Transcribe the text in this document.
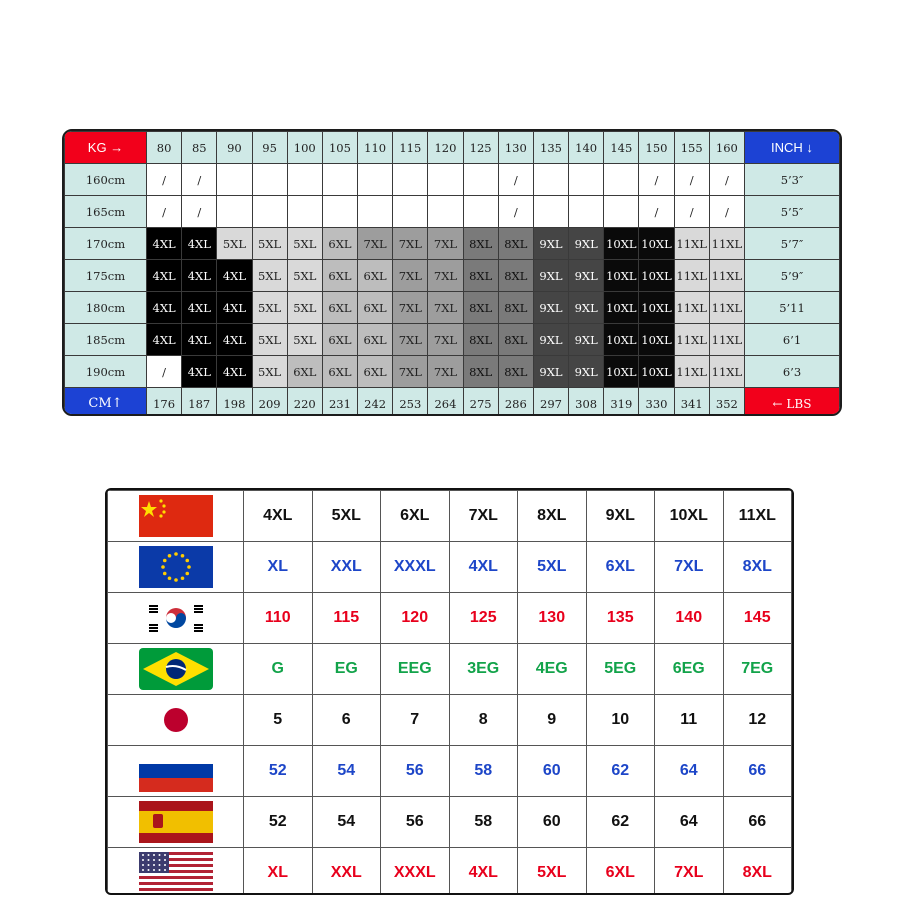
KG →	80	85	90	95	100	105	110	115	120	125	130	135	140	145	150	155	160	INCH ↓
160cm	/	/									/				/	/	/	5’3″
165cm	/	/									/				/	/	/	5’5″
170cm	4XL	4XL	5XL	5XL	5XL	6XL	7XL	7XL	7XL	8XL	8XL	9XL	9XL	10XL	10XL	11XL	11XL	5’7″
175cm	4XL	4XL	4XL	5XL	5XL	6XL	6XL	7XL	7XL	8XL	8XL	9XL	9XL	10XL	10XL	11XL	11XL	5’9″
180cm	4XL	4XL	4XL	5XL	5XL	6XL	6XL	7XL	7XL	8XL	8XL	9XL	9XL	10XL	10XL	11XL	11XL	5’11
185cm	4XL	4XL	4XL	5XL	5XL	6XL	6XL	7XL	7XL	8XL	8XL	9XL	9XL	10XL	10XL	11XL	11XL	6’1
190cm	/	4XL	4XL	5XL	6XL	6XL	6XL	7XL	7XL	8XL	8XL	9XL	9XL	10XL	10XL	11XL	11XL	6’3
CM↑	176	187	198	209	220	231	242	253	264	275	286	297	308	319	330	341	352	← LBS
	4XL	5XL	6XL	7XL	8XL	9XL	10XL	11XL
	XL	XXL	XXXL	4XL	5XL	6XL	7XL	8XL
	110	115	120	125	130	135	140	145
	G	EG	EEG	3EG	4EG	5EG	6EG	7EG
	5	6	7	8	9	10	11	12
	52	54	56	58	60	62	64	66
	52	54	56	58	60	62	64	66
	XL	XXL	XXXL	4XL	5XL	6XL	7XL	8XL
